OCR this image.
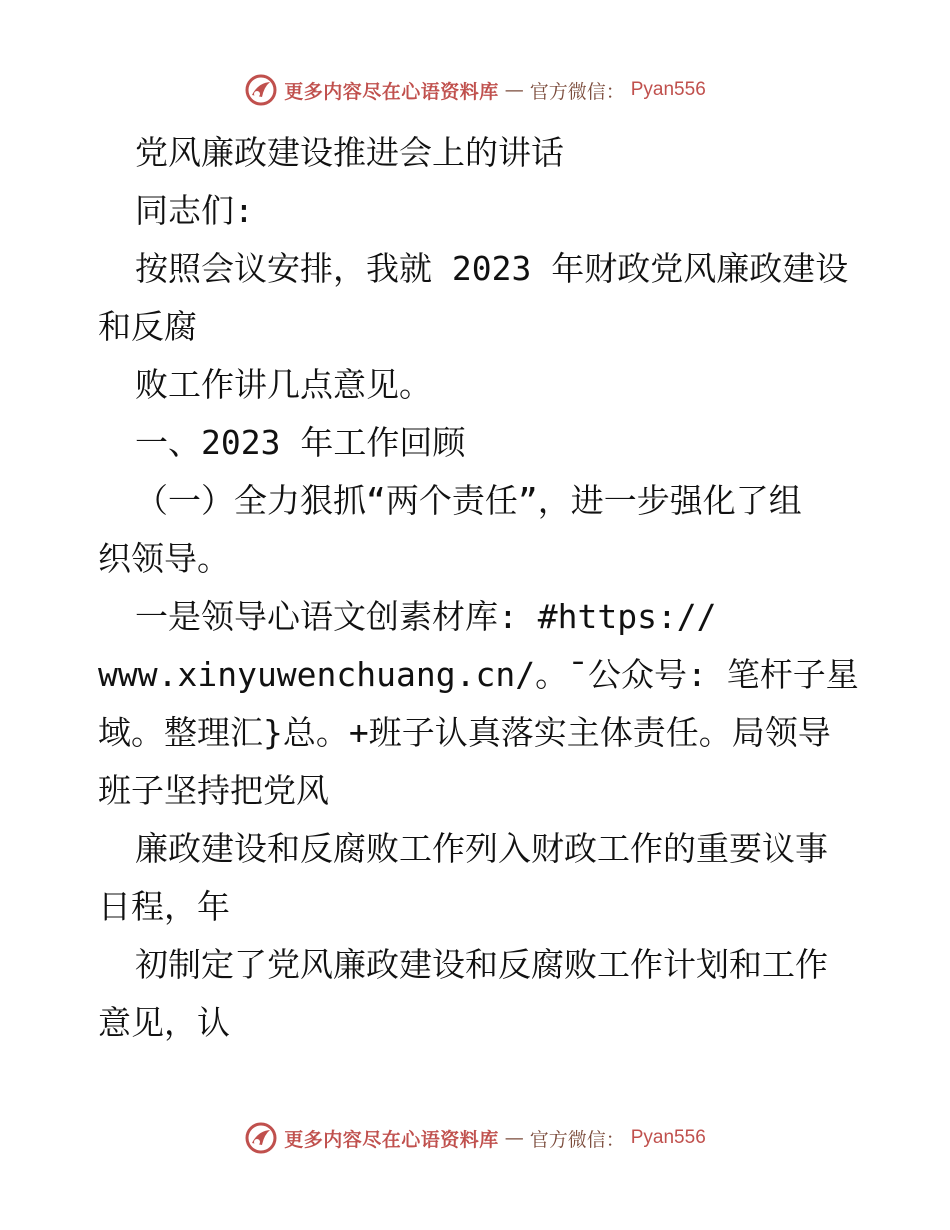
更多内容尽在心语资料库 — 官方微信： Pyan556
党风廉政建设推进会上的讲话
同志们:
按照会议安排，我就 2023 年财政党风廉政建设
和反腐
败工作讲几点意见。
一、2023 年工作回顾
（一）全力狠抓“两个责任”，进一步强化了组
织领导。
一是领导心语文创素材库: #https://
www.xinyuwenchuang.cn/。¯公众号: 笔杆子星
域。整理汇}总。+班子认真落实主体责任。局领导
班子坚持把党风
廉政建设和反腐败工作列入财政工作的重要议事
日程，年
初制定了党风廉政建设和反腐败工作计划和工作
意见，认
更多内容尽在心语资料库 — 官方微信： Pyan556
